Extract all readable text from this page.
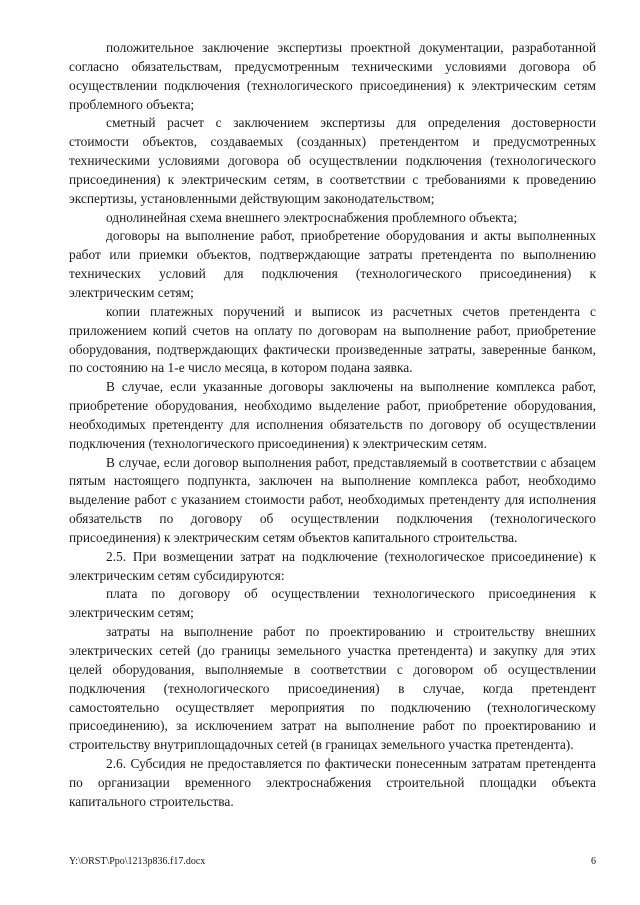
положительное заключение экспертизы проектной документации, разработанной согласно обязательствам, предусмотренным техническими условиями договора об осуществлении подключения (технологического присоединения) к электрическим сетям проблемного объекта;

сметный расчет с заключением экспертизы для определения достоверности стоимости объектов, создаваемых (созданных) претендентом и предусмотренных техническими условиями договора об осуществлении подключения (технологического присоединения) к электрическим сетям, в соответствии с требованиями к проведению экспертизы, установленными действующим законодательством;

однолинейная схема внешнего электроснабжения проблемного объекта;

договоры на выполнение работ, приобретение оборудования и акты выполненных работ или приемки объектов, подтверждающие затраты претендента по выполнению технических условий для подключения (технологического присоединения) к электрическим сетям;

копии платежных поручений и выписок из расчетных счетов претендента с приложением копий счетов на оплату по договорам на выполнение работ, приобретение оборудования, подтверждающих фактически произведенные затраты, заверенные банком, по состоянию на 1-е число месяца, в котором подана заявка.

В случае, если указанные договоры заключены на выполнение комплекса работ, приобретение оборудования, необходимо выделение работ, приобретение оборудования, необходимых претенденту для исполнения обязательств по договору об осуществлении подключения (технологического присоединения) к электрическим сетям.

В случае, если договор выполнения работ, представляемый в соответствии с абзацем пятым настоящего подпункта, заключен на выполнение комплекса работ, необходимо выделение работ с указанием стоимости работ, необходимых претенденту для исполнения обязательств по договору об осуществлении подключения (технологического присоединения) к электрическим сетям объектов капитального строительства.

2.5. При возмещении затрат на подключение (технологическое присоединение) к электрическим сетям субсидируются:

плата по договору об осуществлении технологического присоединения к электрическим сетям;

затраты на выполнение работ по проектированию и строительству внешних электрических сетей (до границы земельного участка претендента) и закупку для этих целей оборудования, выполняемые в соответствии с договором об осуществлении подключения (технологического присоединения) в случае, когда претендент самостоятельно осуществляет мероприятия по подключению (технологическому присоединению), за исключением затрат на выполнение работ по проектированию и строительству внутриплощадочных сетей (в границах земельного участка претендента).

2.6. Субсидия не предоставляется по фактически понесенным затратам претендента по организации временного электроснабжения строительной площадки объекта капитального строительства.

Y:\ORST\Ppo\1213p836.f17.docx	6
